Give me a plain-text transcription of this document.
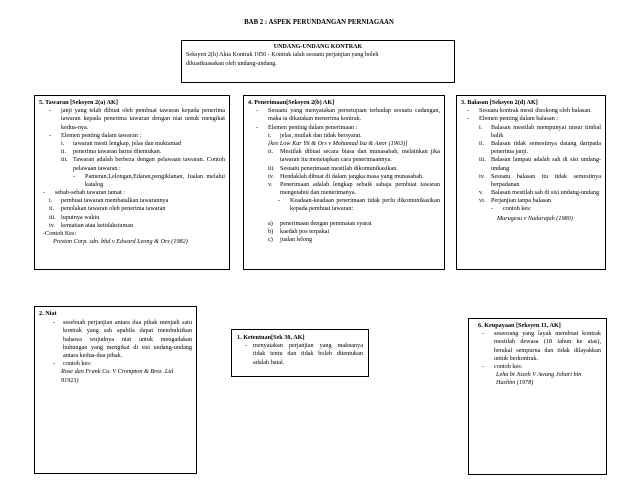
BAB 2 : ASPEK PERUNDANGAN PERNIAGAAN
UNDANG-UNDANG KONTRAK
Seksyen 2(h) Akta Kontrak 1950 - Kontrak ialah sesuatu perjanjian yang boleh
dikuatkuasakan oleh undang-undang.
5. Tawaran [Seksyen 2(a) AK]
-	janji yang telah dibuat oleh pembuat tawaran kepada penerima tawaran kepada penerima tawaran dengan niat untuk mengikat kedua-nya.
-	Elemen penting dalam tawaran :
i.	tawaran mesti lengkap, jelas dan muktamad
ii.	penerima tawaran harus ditentukan.
iii. Tawaran adalah berbeza dengan pelawaan tawaran. Contoh pelawaan tawaran :
-	Pameran,Lelongan,Edaran,pengiklanan, Jualan melalui katalog
-	sebab-sebab tawaran tamat :
i.	pembuat tawaran membatalkan tawarannya
ii.	penolakan tawaran oleh penerima tawaran
iii. luputnya waktu
iv. kematian atau ketidaksiuman
-Contoh Kes:
Preston Corp. sdn. bhd v Edward Leong & Ors (1982)
4. Penerimaan[Seksyen 2(b) AK]
-	Sesuatu yang menyatakan persetujuan terhadap sesuatu cadangan, maka ia dikatakan menerima kontrak.
-	Elemen penting dalam penerimaan :
i.	jelas, mutlak dan tidak bersyarat.
[kes Low Kar Yit & Ors v Mohamad Isa & Anor (1963)]
ii.	Mestilah dibuat secara biasa dan munasabah, melainkan jika tawaran itu menetapkan cara penerimaannya.
iii. Sesuatu penerimaan mestilah dikomunikasikan.
iv. Hendaklah dibuat di dalam jangka masa yang munasabah.
v.	Penerimaan adalah lengkap sebaik sahaja pembuat tawaran mengetahui dan menerimanya.
-	Keadaan-keadaan penerimaan tidak perlu dikomunikasikan kepada pembuat tawaran:
a)	penerimaan dengan penunaian syarat
b)	kaedah pos terpakai
c)	jualan lelong
3. Balasan [Seksyen 2(d) AK]
-	Sesuatu kontrak mesti disokong oleh balasan.
-	Elemen penting dalam balasan :
i.	Balasan mestilah mempunyai unsur timbal balik
ii.	Balasan tidak semestinya datang daripada penerima janji.
iii. Balasan lampau adalah sah di sisi undang-undang
iv. Sesuatu balasan itu tidak semestinya berpadanan
v.	Balasan mestilah sah di sisi undang-undang
vi. Perjanjian tanpa balasan
-	contoh kes:
Murugesu v Nadarajah (1980)
2. Niat
-	sesebuah perjanjian antara dua pihak menjadi satu kontrak yang sah apabila dapat membuktikan bahawa wujudnya niat untuk mengadakan hubungan yang mengikat di sisi undang-undang antara kedua-dua pihak.
-	contoh kes:
Rose dan Frank Co. V Crompton & Bros .Ltd 91923)
1. Ketentuan[Sek 30, AK]
- menyatakan perjanjian yang maknanya tidak tentu dan tidak boleh ditentukan adalah batal.
6. Keupayaan [Seksyen 11, AK]
-	seseorang yang layak membuat kontrak mestilah dewasa (18 tahun ke atas), berakal sempurna dan tidak dilayakkan untuk berkontrak.
-	contoh kes:
Leha bt Jusoh V Awang Johari bin Hashim (1978)
